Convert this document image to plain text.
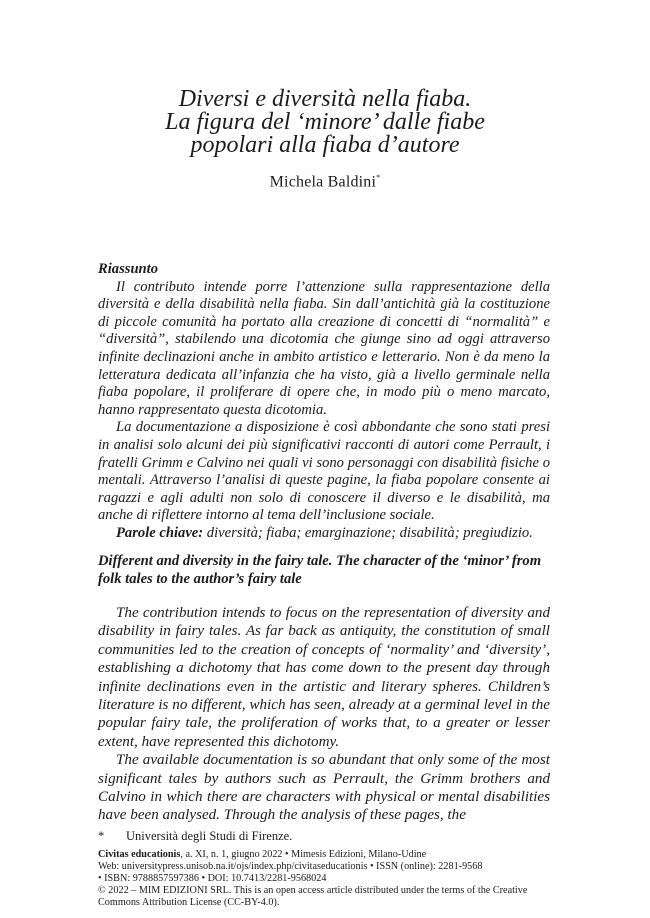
Diversi e diversità nella fiaba.
La figura del ‘minore’ dalle fiabe
popolari alla fiaba d’autore
Michela Baldini*

Riassunto

Il contributo intende porre l’attenzione sulla rappresentazione della diversità e della disabilità nella fiaba. Sin dall’antichità già la costituzione di piccole comunità ha portato alla creazione di concetti di “normalità” e “diversità”, stabilendo una dicotomia che giunge sino ad oggi attraverso infinite declinazioni anche in ambito artistico e letterario. Non è da meno la letteratura dedicata all’infanzia che ha visto, già a livello germinale nella fiaba popolare, il proliferare di opere che, in modo più o meno marcato, hanno rappresentato questa dicotomia.

La documentazione a disposizione è così abbondante che sono stati presi in analisi solo alcuni dei più significativi racconti di autori come Perrault, i fratelli Grimm e Calvino nei quali vi sono personaggi con disabilità fisiche o mentali. Attraverso l’analisi di queste pagine, la fiaba popolare consente ai ragazzi e agli adulti non solo di conoscere il diverso e le disabilità, ma anche di riflettere intorno al tema dell’inclusione sociale.

Parole chiave: diversità; fiaba; emarginazione; disabilità; pregiudizio.

Different and diversity in the fairy tale. The character of the ‘minor’ from folk tales to the author’s fairy tale

The contribution intends to focus on the representation of diversity and disability in fairy tales. As far back as antiquity, the constitution of small communities led to the creation of concepts of ‘normality’ and ‘diversity’, establishing a dichotomy that has come down to the present day through infinite declinations even in the artistic and literary spheres. Children’s literature is no different, which has seen, already at a germinal level in the popular fairy tale, the proliferation of works that, to a greater or lesser extent, have represented this dichotomy.

The available documentation is so abundant that only some of the most significant tales by authors such as Perrault, the Grimm brothers and Calvino in which there are characters with physical or mental disabilities have been analysed. Through the analysis of these pages, the

* Università degli Studi di Firenze.

Civitas educationis, a. XI, n. 1, giugno 2022 • Mimesis Edizioni, Milano-Udine

Web: universitypress.unisob.na.it/ojs/index.php/civitaseducationis • ISSN (online): 2281-9568

• ISBN: 9788857597386 • DOI: 10.7413/2281-9568024

© 2022 – MIM EDIZIONI SRL. This is an open access article distributed under the terms of the Creative Commons Attribution License (CC-BY-4.0).
